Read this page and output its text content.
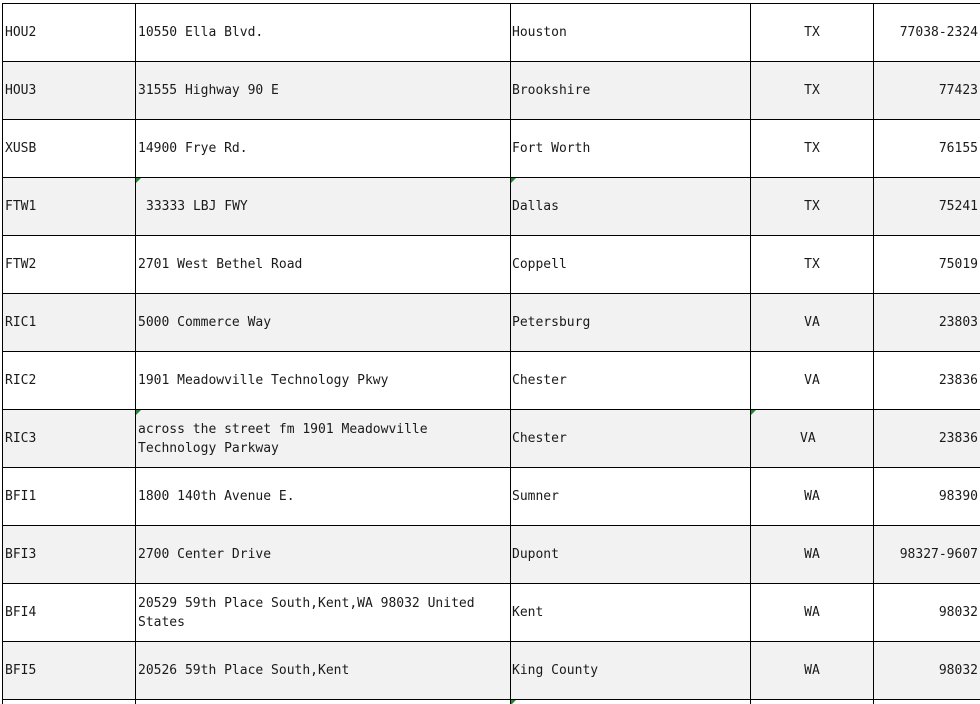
HOU2	10550 Ella Blvd.	Houston	TX	77038-2324
HOU3	31555 Highway 90 E	Brookshire	TX	77423
XUSB	14900 Frye Rd.	Fort Worth	TX	76155
FTW1	33333 LBJ FWY	Dallas	TX	75241
FTW2	2701 West Bethel Road	Coppell	TX	75019
RIC1	5000 Commerce Way	Petersburg	VA	23803
RIC2	1901 Meadowville Technology Pkwy	Chester	VA	23836
RIC3	across the street fm 1901 Meadowville Technology Parkway	Chester	VA	23836
BFI1	1800 140th Avenue E.	Sumner	WA	98390
BFI3	2700 Center Drive	Dupont	WA	98327-9607
BFI4	20529 59th Place South,Kent,WA 98032 United States	Kent	WA	98032
BFI5	20526 59th Place South,Kent	King County	WA	98032
